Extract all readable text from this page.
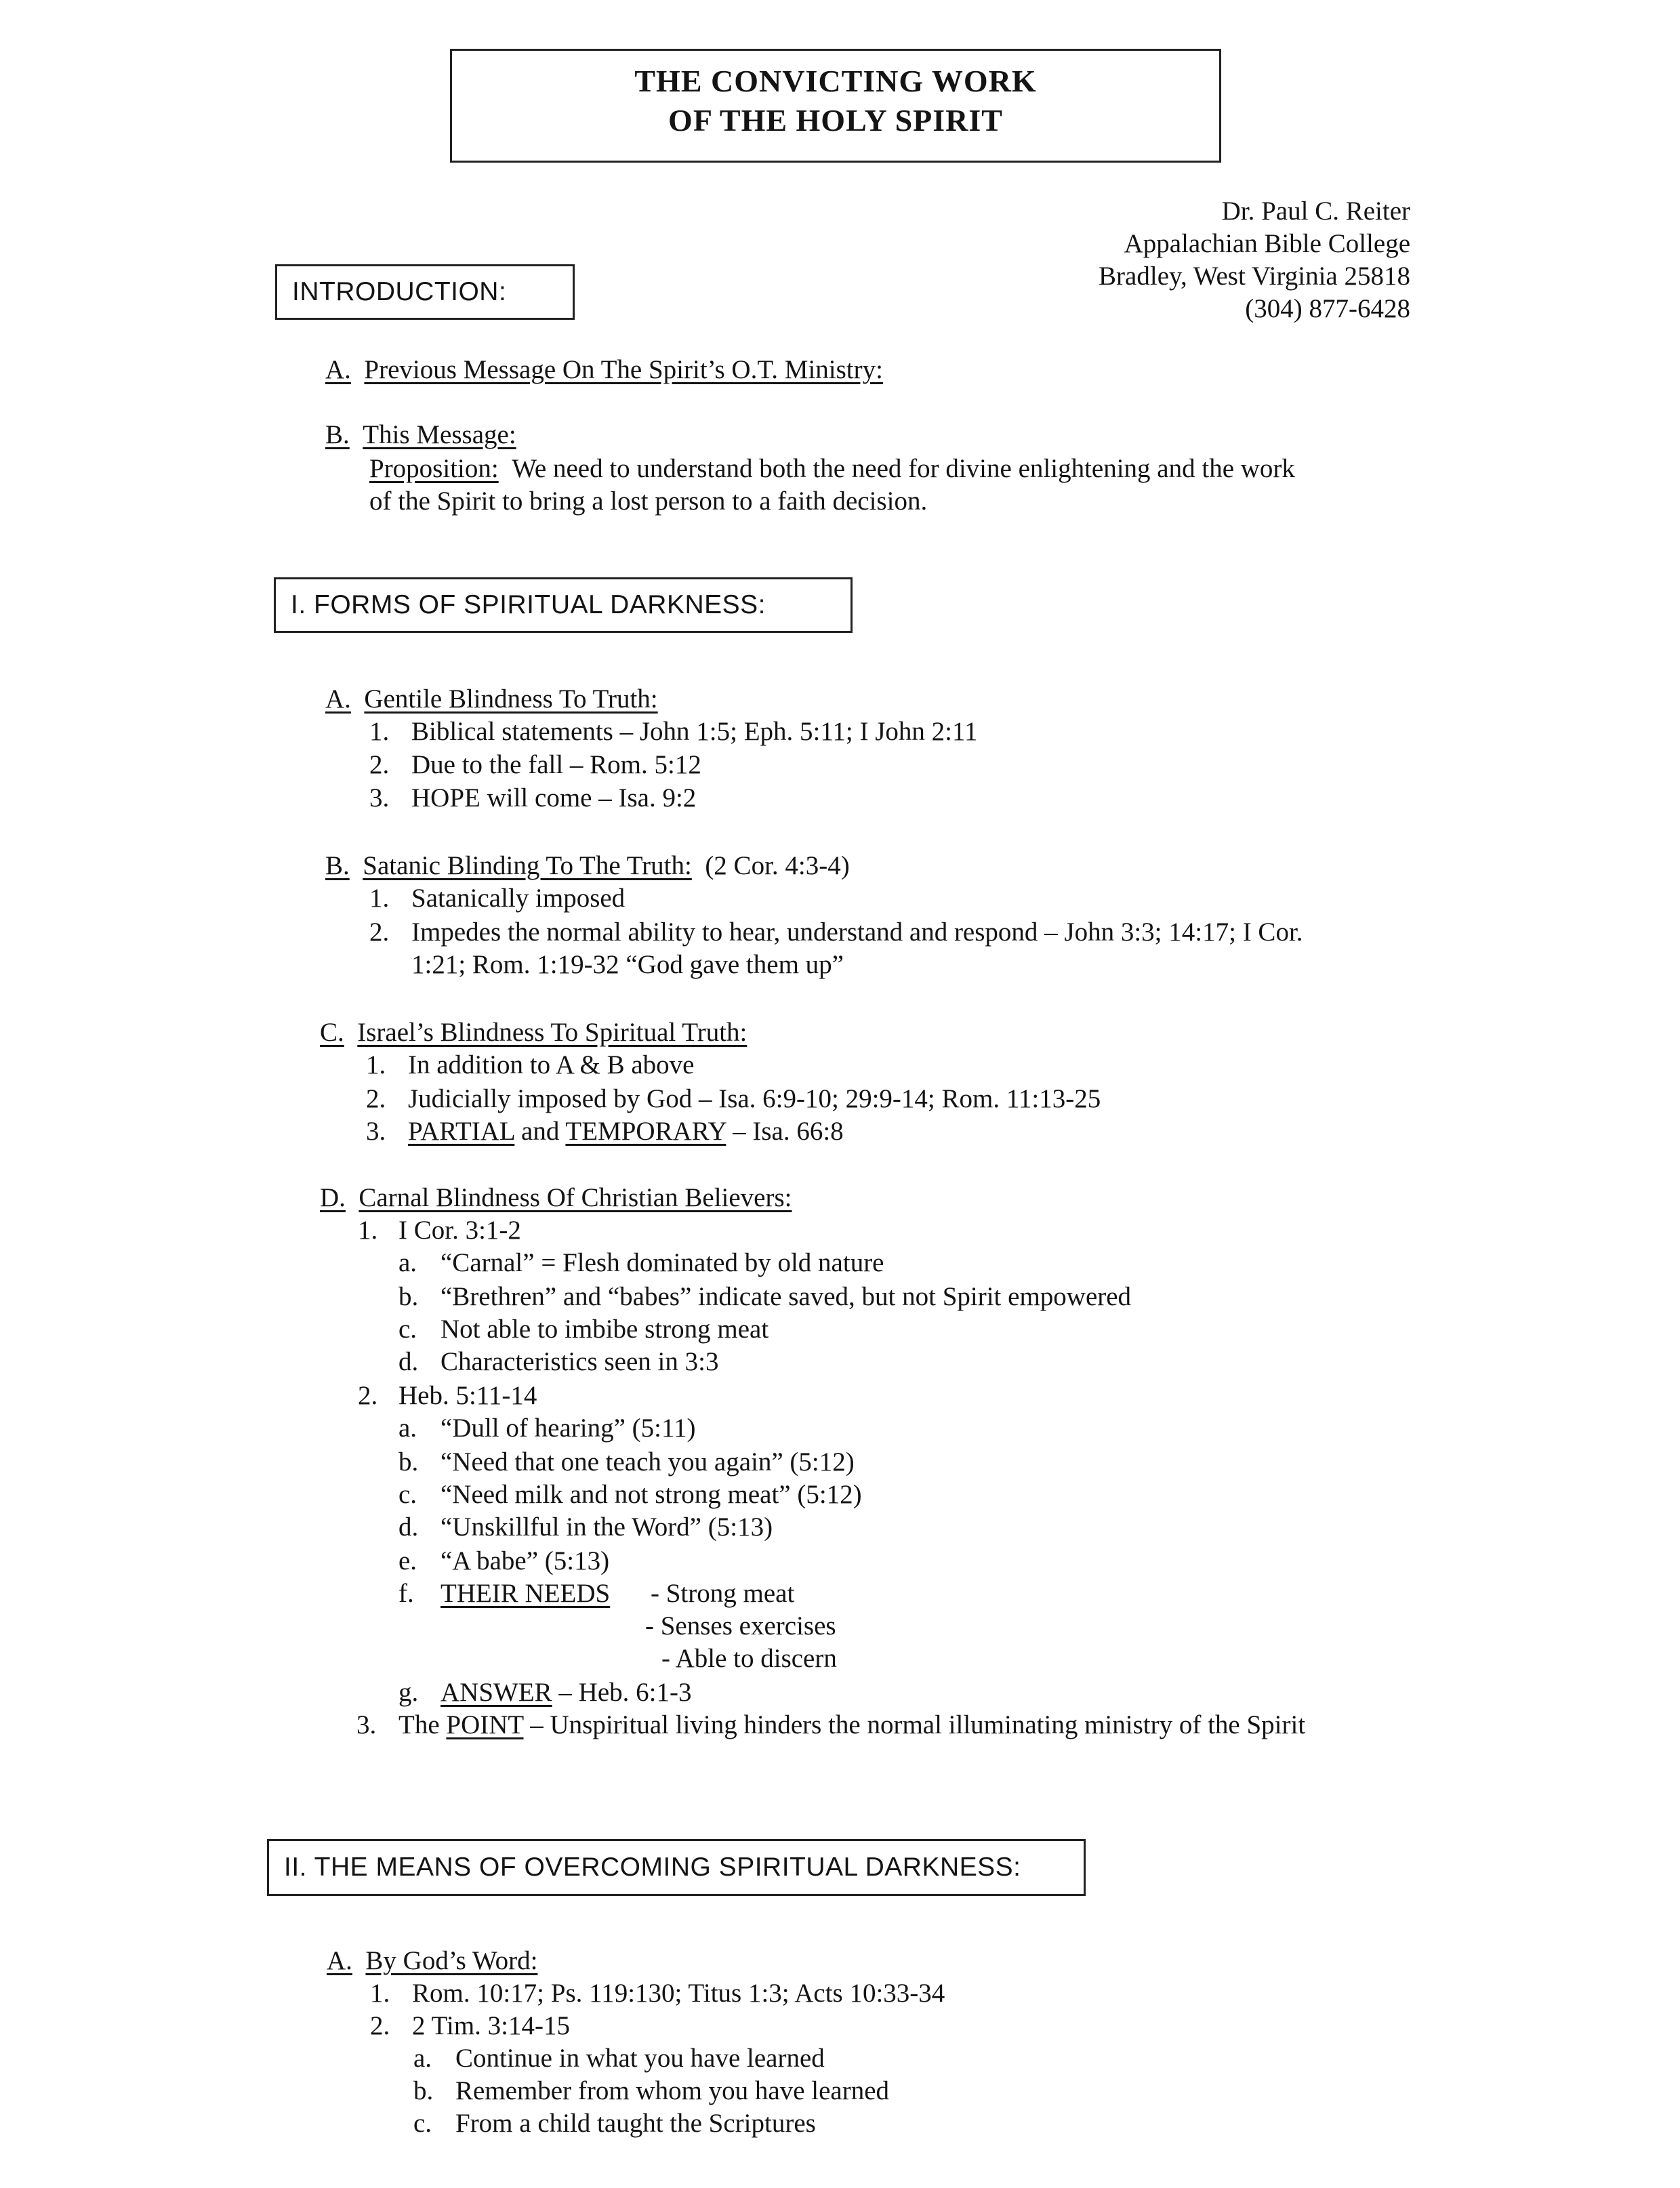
THE CONVICTING WORK
OF THE HOLY SPIRIT
Dr. Paul C. Reiter
Appalachian Bible College
Bradley, West Virginia 25818
(304) 877-6428
INTRODUCTION:
A. Previous Message On The Spirit’s O.T. Ministry:
B. This Message:
Proposition: We need to understand both the need for divine enlightening and the work
of the Spirit to bring a lost person to a faith decision.
I. FORMS OF SPIRITUAL DARKNESS:
A. Gentile Blindness To Truth:
1. Biblical statements – John 1:5; Eph. 5:11; I John 2:11
2. Due to the fall – Rom. 5:12
3. HOPE will come – Isa. 9:2
B. Satanic Blinding To The Truth: (2 Cor. 4:3-4)
1. Satanically imposed
2. Impedes the normal ability to hear, understand and respond – John 3:3; 14:17; I Cor.
1:21; Rom. 1:19-32 “God gave them up”
C. Israel’s Blindness To Spiritual Truth:
1. In addition to A & B above
2. Judicially imposed by God – Isa. 6:9-10; 29:9-14; Rom. 11:13-25
3. PARTIAL and TEMPORARY – Isa. 66:8
D. Carnal Blindness Of Christian Believers:
1. I Cor. 3:1-2
a. “Carnal” = Flesh dominated by old nature
b. “Brethren” and “babes” indicate saved, but not Spirit empowered
c. Not able to imbibe strong meat
d. Characteristics seen in 3:3
2. Heb. 5:11-14
a. “Dull of hearing” (5:11)
b. “Need that one teach you again” (5:12)
c. “Need milk and not strong meat” (5:12)
d. “Unskillful in the Word” (5:13)
e. “A babe” (5:13)
f. THEIR NEEDS - Strong meat
- Senses exercises
- Able to discern
g. ANSWER – Heb. 6:1-3
3. The POINT – Unspiritual living hinders the normal illuminating ministry of the Spirit
II. THE MEANS OF OVERCOMING SPIRITUAL DARKNESS:
A. By God’s Word:
1. Rom. 10:17; Ps. 119:130; Titus 1:3; Acts 10:33-34
2. 2 Tim. 3:14-15
a. Continue in what you have learned
b. Remember from whom you have learned
c. From a child taught the Scriptures
